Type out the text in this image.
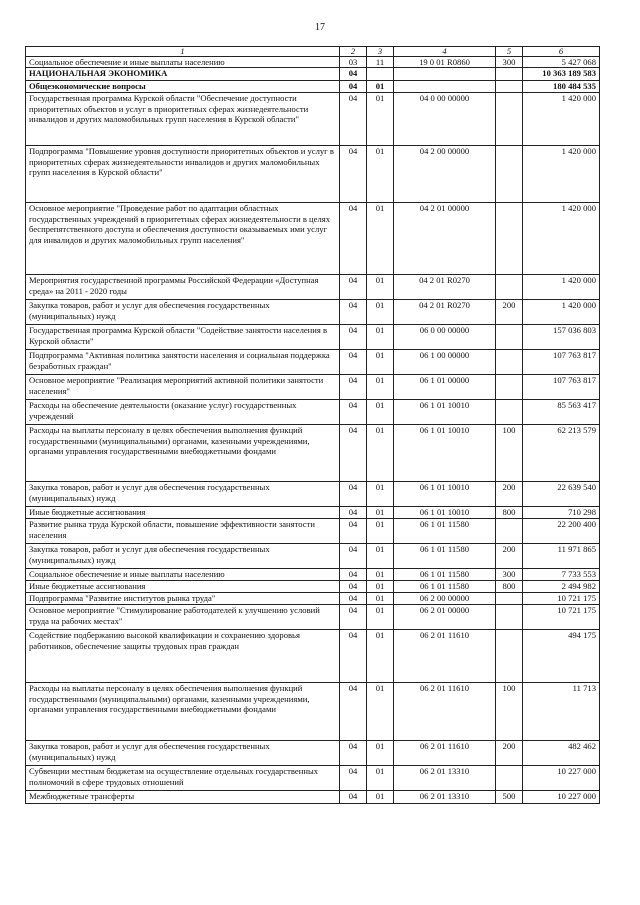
17
1	2	3	4	5	6
Социальное обеспечение и иные выплаты населению	03	11	19 0 01 R0860	300	5 427 068
НАЦИОНАЛЬНАЯ ЭКОНОМИКА	04				10 363 189 583
Общеэкономические вопросы	04	01			180 484 535
Государственная программа Курской области "Обеспечение доступности приоритетных объектов и услуг в приоритетных сферах жизнедеятельности инвалидов и других маломобильных групп населения в Курской области"	04	01	04 0 00 00000		1 420 000
Подпрограмма "Повышение уровня доступности приоритетных объектов и услуг в приоритетных сферах жизнедеятельности инвалидов и других маломобильных групп населения в Курской области"	04	01	04 2 00 00000		1 420 000
Основное мероприятие "Проведение работ по адаптации областных государственных учреждений в приоритетных сферах жизнедеятельности в целях беспрепятственного доступа и обеспечения доступности оказываемых ими услуг для инвалидов и других маломобильных групп населения"	04	01	04 2 01 00000		1 420 000
Мероприятия государственной программы Российской Федерации «Доступная среда» на 2011 - 2020 годы	04	01	04 2 01 R0270		1 420 000
Закупка товаров, работ и услуг для обеспечения государственных (муниципальных) нужд	04	01	04 2 01 R0270	200	1 420 000
Государственная программа Курской области "Содействие занятости населения в Курской области"	04	01	06 0 00 00000		157 036 803
Подпрограмма "Активная политика занятости населения и социальная поддержка безработных граждан"	04	01	06 1 00 00000		107 763 817
Основное мероприятие "Реализация мероприятий активной политики занятости населения"	04	01	06 1 01 00000		107 763 817
Расходы на обеспечение деятельности (оказание услуг) государственных учреждений	04	01	06 1 01 10010		85 563 417
Расходы на выплаты персоналу в целях обеспечения выполнения функций государственными (муниципальными) органами, казенными учреждениями, органами управления государственными внебюджетными фондами	04	01	06 1 01 10010	100	62 213 579
Закупка товаров, работ и услуг для обеспечения государственных (муниципальных) нужд	04	01	06 1 01 10010	200	22 639 540
Иные бюджетные ассигнования	04	01	06 1 01 10010	800	710 298
Развитие рынка труда Курской области, повышение эффективности занятости населения	04	01	06 1 01 11580		22 200 400
Закупка товаров, работ и услуг для обеспечения государственных (муниципальных) нужд	04	01	06 1 01 11580	200	11 971 865
Социальное обеспечение и иные выплаты населению	04	01	06 1 01 11580	300	7 733 553
Иные бюджетные ассигнования	04	01	06 1 01 11580	800	2 494 982
Подпрограмма "Развитие институтов рынка труда"	04	01	06 2 00 00000		10 721 175
Основное мероприятие "Стимулирование работодателей к улучшению условий труда на рабочих местах"	04	01	06 2 01 00000		10 721 175
Содействие подбержанию высокой квалификации и сохранению здоровья работников, обеспечение защиты трудовых прав граждан	04	01	06 2 01 11610		494 175
Расходы на выплаты персоналу в целях обеспечения выполнения функций государственными (муниципальными) органами, казенными учреждениями, органами управления государственными внебюджетными фондами	04	01	06 2 01 11610	100	11 713
Закупка товаров, работ и услуг для обеспечения государственных (муниципальных) нужд	04	01	06 2 01 11610	200	482 462
Субвенции местным бюджетам на осуществление отдельных государственных полномочий в сфере трудовых отношений	04	01	06 2 01 13310		10 227 000
Межбюджетные трансферты	04	01	06 2 01 13310	500	10 227 000
